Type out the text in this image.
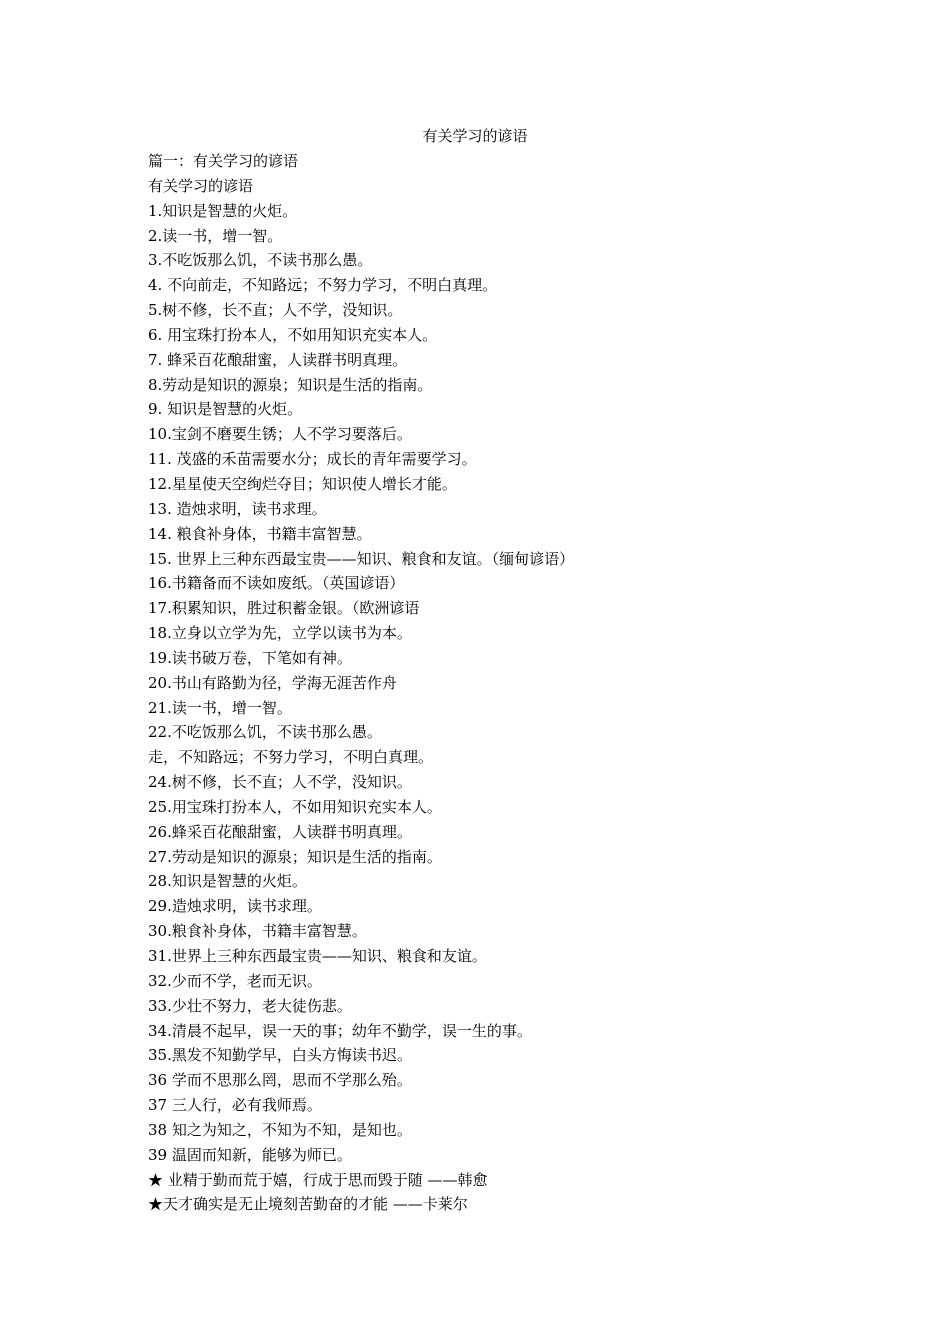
有关学习的谚语
篇一：有关学习的谚语
有关学习的谚语
1.知识是智慧的火炬。
2.读一书，增一智。
3.不吃饭那么饥，不读书那么愚。
4. 不向前走，不知路远；不努力学习，不明白真理。
5.树不修，长不直；人不学，没知识。
6. 用宝珠打扮本人，不如用知识充实本人。
7. 蜂采百花酿甜蜜，人读群书明真理。
8.劳动是知识的源泉；知识是生活的指南。
9. 知识是智慧的火炬。
10.宝剑不磨要生锈；人不学习要落后。
11. 茂盛的禾苗需要水分；成长的青年需要学习。
12.星星使天空绚烂夺目；知识使人增长才能。
13. 造烛求明，读书求理。
14. 粮食补身体，书籍丰富智慧。
15. 世界上三种东西最宝贵——知识、粮食和友谊。（缅甸谚语）
16.书籍备而不读如废纸。（英国谚语）
17.积累知识，胜过积蓄金银。（欧洲谚语
18.立身以立学为先，立学以读书为本。
19.读书破万卷，下笔如有神。
20.书山有路勤为径，学海无涯苦作舟
21.读一书，增一智。
22.不吃饭那么饥，不读书那么愚。
走，不知路远；不努力学习，不明白真理。
24.树不修，长不直；人不学，没知识。
25.用宝珠打扮本人，不如用知识充实本人。
26.蜂采百花酿甜蜜，人读群书明真理。
27.劳动是知识的源泉；知识是生活的指南。
28.知识是智慧的火炬。
29.造烛求明，读书求理。
30.粮食补身体，书籍丰富智慧。
31.世界上三种东西最宝贵——知识、粮食和友谊。
32.少而不学，老而无识。
33.少壮不努力，老大徒伤悲。
34.清晨不起早，误一天的事；幼年不勤学，误一生的事。
35.黑发不知勤学早，白头方悔读书迟。
36 学而不思那么罔，思而不学那么殆。
37 三人行，必有我师焉。
38 知之为知之，不知为不知，是知也。
39 温固而知新，能够为师已。
★ 业精于勤而荒于嬉，行成于思而毁于随 ——韩愈
★天才确实是无止境刻苦勤奋的才能 ——卡莱尔
